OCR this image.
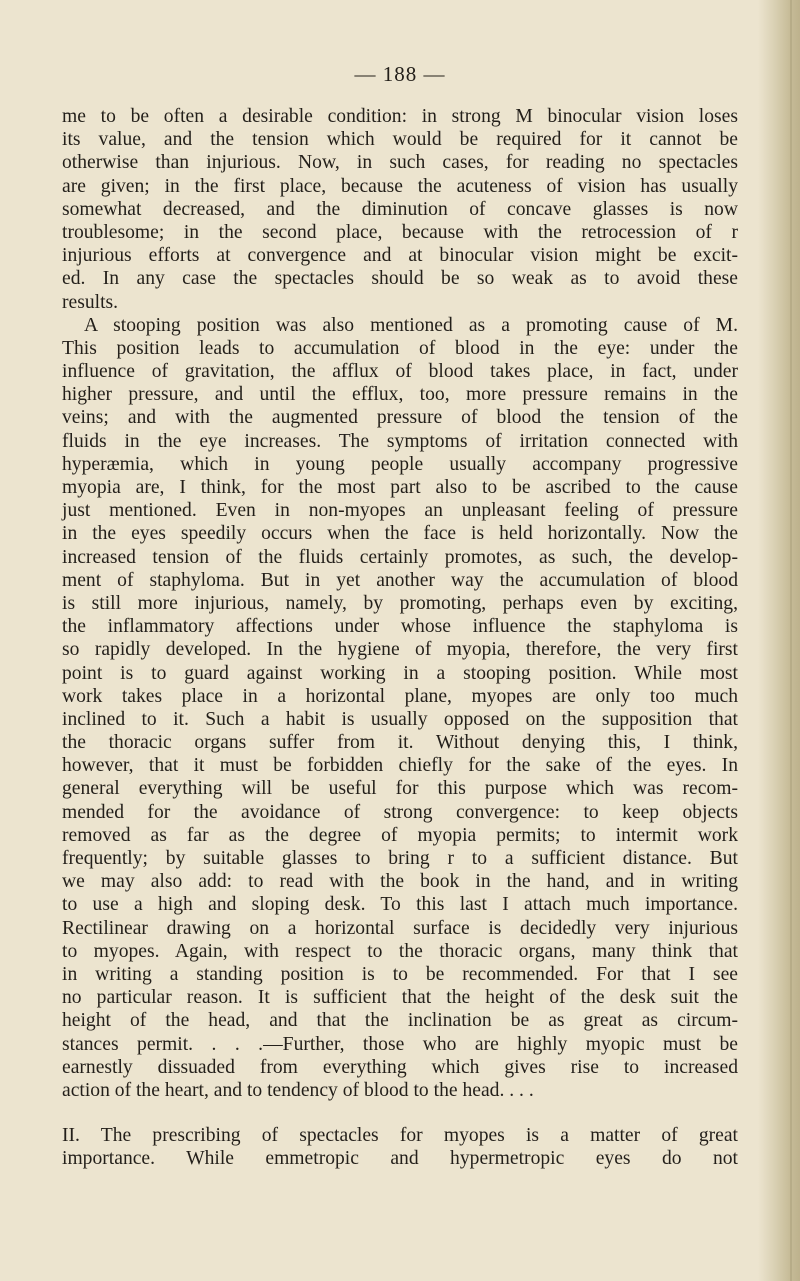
— 188 —
me to be often a desirable condition: in strong M binocular vision loses
its value, and the tension which would be required for it cannot be
otherwise than injurious. Now, in such cases, for reading no spectacles
are given; in the first place, because the acuteness of vision has usually
somewhat decreased, and the diminution of concave glasses is now
troublesome; in the second place, because with the retrocession of r
injurious efforts at convergence and at binocular vision might be excit-
ed. In any case the spectacles should be so weak as to avoid these
results.
A stooping position was also mentioned as a promoting cause of M.
This position leads to accumulation of blood in the eye: under the
influence of gravitation, the afflux of blood takes place, in fact, under
higher pressure, and until the efflux, too, more pressure remains in the
veins; and with the augmented pressure of blood the tension of the
fluids in the eye increases. The symptoms of irritation connected with
hyperæmia, which in young people usually accompany progressive
myopia are, I think, for the most part also to be ascribed to the cause
just mentioned. Even in non-myopes an unpleasant feeling of pressure
in the eyes speedily occurs when the face is held horizontally. Now the
increased tension of the fluids certainly promotes, as such, the develop-
ment of staphyloma. But in yet another way the accumulation of blood
is still more injurious, namely, by promoting, perhaps even by exciting,
the inflammatory affections under whose influence the staphyloma is
so rapidly developed. In the hygiene of myopia, therefore, the very first
point is to guard against working in a stooping position. While most
work takes place in a horizontal plane, myopes are only too much
inclined to it. Such a habit is usually opposed on the supposition that
the thoracic organs suffer from it. Without denying this, I think,
however, that it must be forbidden chiefly for the sake of the eyes. In
general everything will be useful for this purpose which was recom-
mended for the avoidance of strong convergence: to keep objects
removed as far as the degree of myopia permits; to intermit work
frequently; by suitable glasses to bring r to a sufficient distance. But
we may also add: to read with the book in the hand, and in writing
to use a high and sloping desk. To this last I attach much importance.
Rectilinear drawing on a horizontal surface is decidedly very injurious
to myopes. Again, with respect to the thoracic organs, many think that
in writing a standing position is to be recommended. For that I see
no particular reason. It is sufficient that the height of the desk suit the
height of the head, and that the inclination be as great as circum-
stances permit. . . .—Further, those who are highly myopic must be
earnestly dissuaded from everything which gives rise to increased
action of the heart, and to tendency of blood to the head. . . .
II. The prescribing of spectacles for myopes is a matter of great
importance. While emmetropic and hypermetropic eyes do not
